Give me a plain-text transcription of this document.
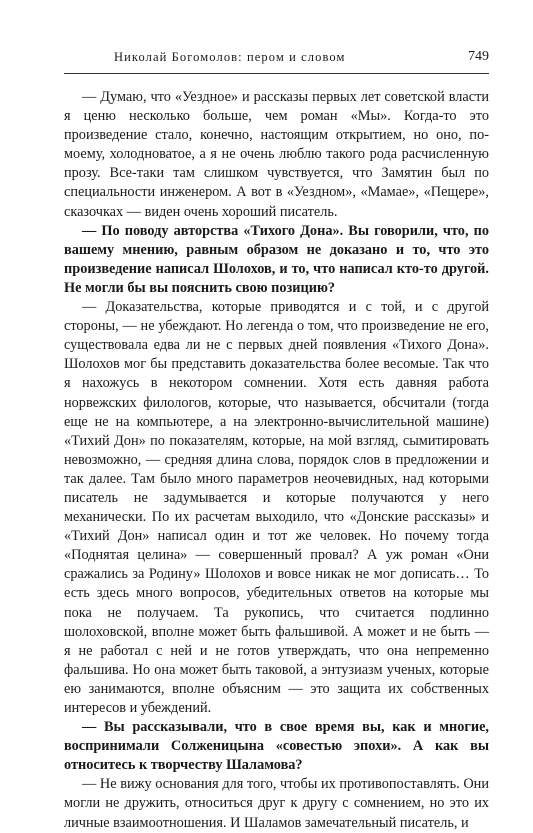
Николай Богомолов: пером и словом	749

— Думаю, что «Уездное» и рассказы первых лет советской власти я ценю несколько больше, чем роман «Мы». Когда-то это произведение стало, конечно, настоящим открытием, но оно, по-моему, холодноватое, а я не очень люблю такого рода расчисленную прозу. Все-таки там слишком чувствуется, что Замятин был по специальности инженером. А вот в «Уездном», «Мамае», «Пещере», сказочках — виден очень хороший писатель.

— По поводу авторства «Тихого Дона». Вы говорили, что, по вашему мнению, равным образом не доказано и то, что это произведение написал Шолохов, и то, что написал кто-то другой. Не могли бы вы пояснить свою позицию?

— Доказательства, которые приводятся и с той, и с другой стороны, — не убеждают. Но легенда о том, что произведение не его, существовала едва ли не с первых дней появления «Тихого Дона». Шолохов мог бы представить доказательства более весомые. Так что я нахожусь в некотором сомнении. Хотя есть давняя работа норвежских филологов, которые, что называется, обсчитали (тогда еще не на компьютере, а на электронно-вычислительной машине) «Тихий Дон» по показателям, которые, на мой взгляд, сымитировать невозможно, — средняя длина слова, порядок слов в предложении и так далее. Там было много параметров неочевидных, над которыми писатель не задумывается и которые получаются у него механически. По их расчетам выходило, что «Донские рассказы» и «Тихий Дон» написал один и тот же человек. Но почему тогда «Поднятая целина» — совершенный провал? А уж роман «Они сражались за Родину» Шолохов и вовсе никак не мог дописать… То есть здесь много вопросов, убедительных ответов на которые мы пока не получаем. Та рукопись, что считается подлинно шолоховской, вполне может быть фальшивой. А может и не быть — я не работал с ней и не готов утверждать, что она непременно фальшива. Но она может быть таковой, а энтузиазм ученых, которые ею занимаются, вполне объясним — это защита их собственных интересов и убеждений.

— Вы рассказывали, что в свое время вы, как и многие, воспринимали Солженицына «совестью эпохи». А как вы относитесь к творчеству Шаламова?

— Не вижу основания для того, чтобы их противопоставлять. Они могли не дружить, относиться друг к другу с сомнением, но это их личные взаимоотношения. И Шаламов замечательный писатель, и
